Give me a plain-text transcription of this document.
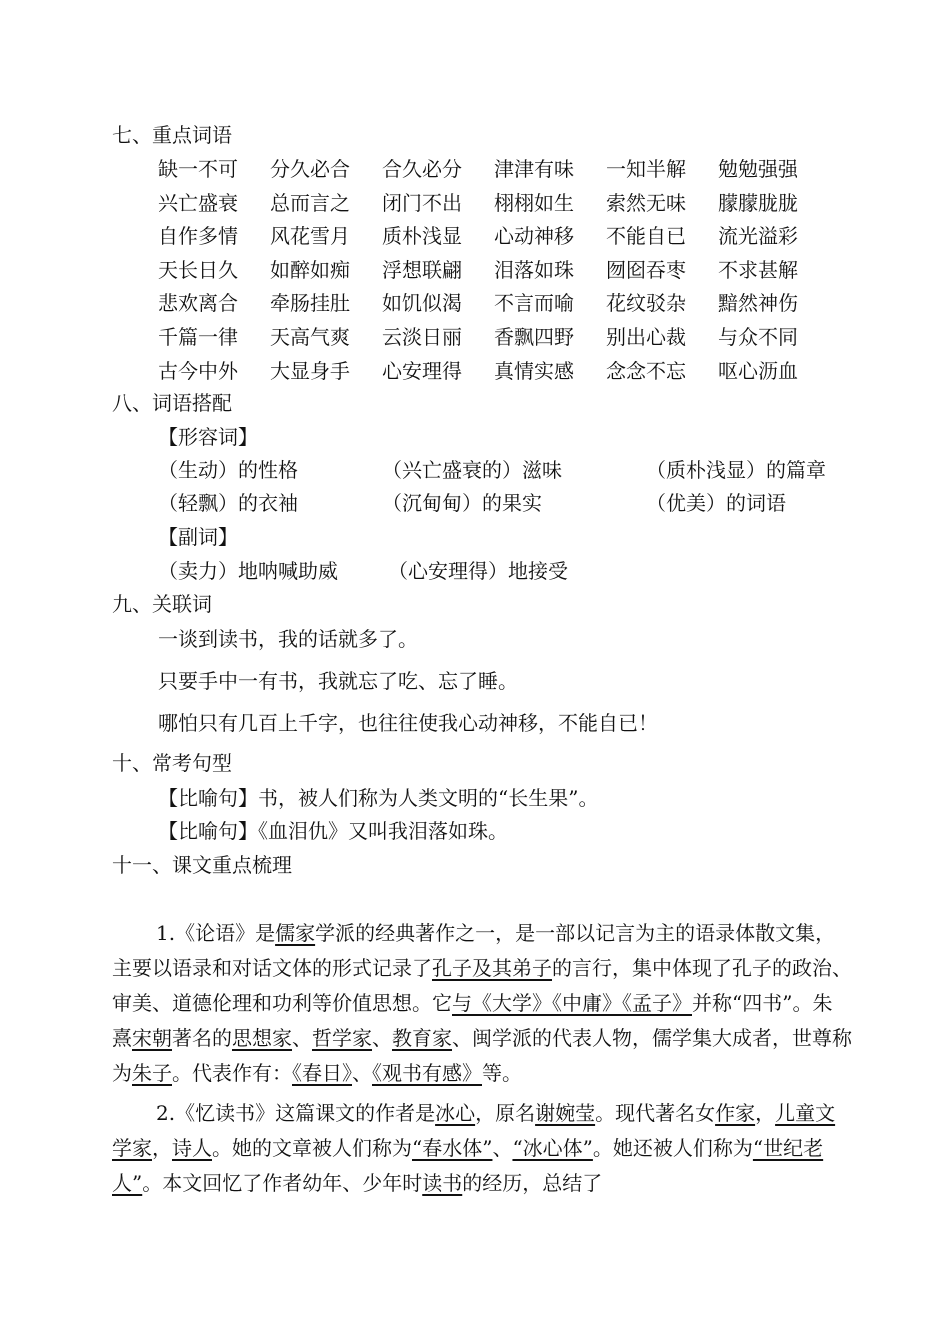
七、重点词语
缺一不可 分久必合 合久必分 津津有味 一知半解 勉勉强强
兴亡盛衰 总而言之 闭门不出 栩栩如生 索然无味 朦朦胧胧
自作多情 风花雪月 质朴浅显 心动神移 不能自已 流光溢彩
天长日久 如醉如痴 浮想联翩 泪落如珠 囫囵吞枣 不求甚解
悲欢离合 牵肠挂肚 如饥似渴 不言而喻 花纹驳杂 黯然神伤
千篇一律 天高气爽 云淡日丽 香飘四野 别出心裁 与众不同
古今中外 大显身手 心安理得 真情实感 念念不忘 呕心沥血
八、词语搭配
【形容词】
（生动）的性格	（兴亡盛衰的）滋味	（质朴浅显）的篇章
（轻飘）的衣袖	（沉甸甸）的果实	（优美）的词语
【副词】
（卖力）地呐喊助威	（心安理得）地接受
九、关联词
一谈到读书，我的话就多了。
只要手中一有书，我就忘了吃、忘了睡。
哪怕只有几百上千字，也往往使我心动神移，不能自已！
十、常考句型
【比喻句】书，被人们称为人类文明的“长生果”。
【比喻句】《血泪仇》又叫我泪落如珠。
十一、课文重点梳理
1.《论语》是儒家学派的经典著作之一，是一部以记言为主的语录体散文集，主要以语录和对话文体的形式记录了孔子及其弟子的言行，集中体现了孔子的政治、审美、道德伦理和功利等价值思想。它与《大学》《中庸》《孟子》并称“四书”。朱熹宋朝著名的思想家、哲学家、教育家、闽学派的代表人物，儒学集大成者，世尊称为朱子。代表作有：《春日》、《观书有感》等。
2.《忆读书》这篇课文的作者是冰心，原名谢婉莹。现代著名女作家，儿童文学家，诗人。她的文章被人们称为“春水体”、“冰心体”。她还被人们称为“世纪老人”。本文回忆了作者幼年、少年时读书的经历，总结了
